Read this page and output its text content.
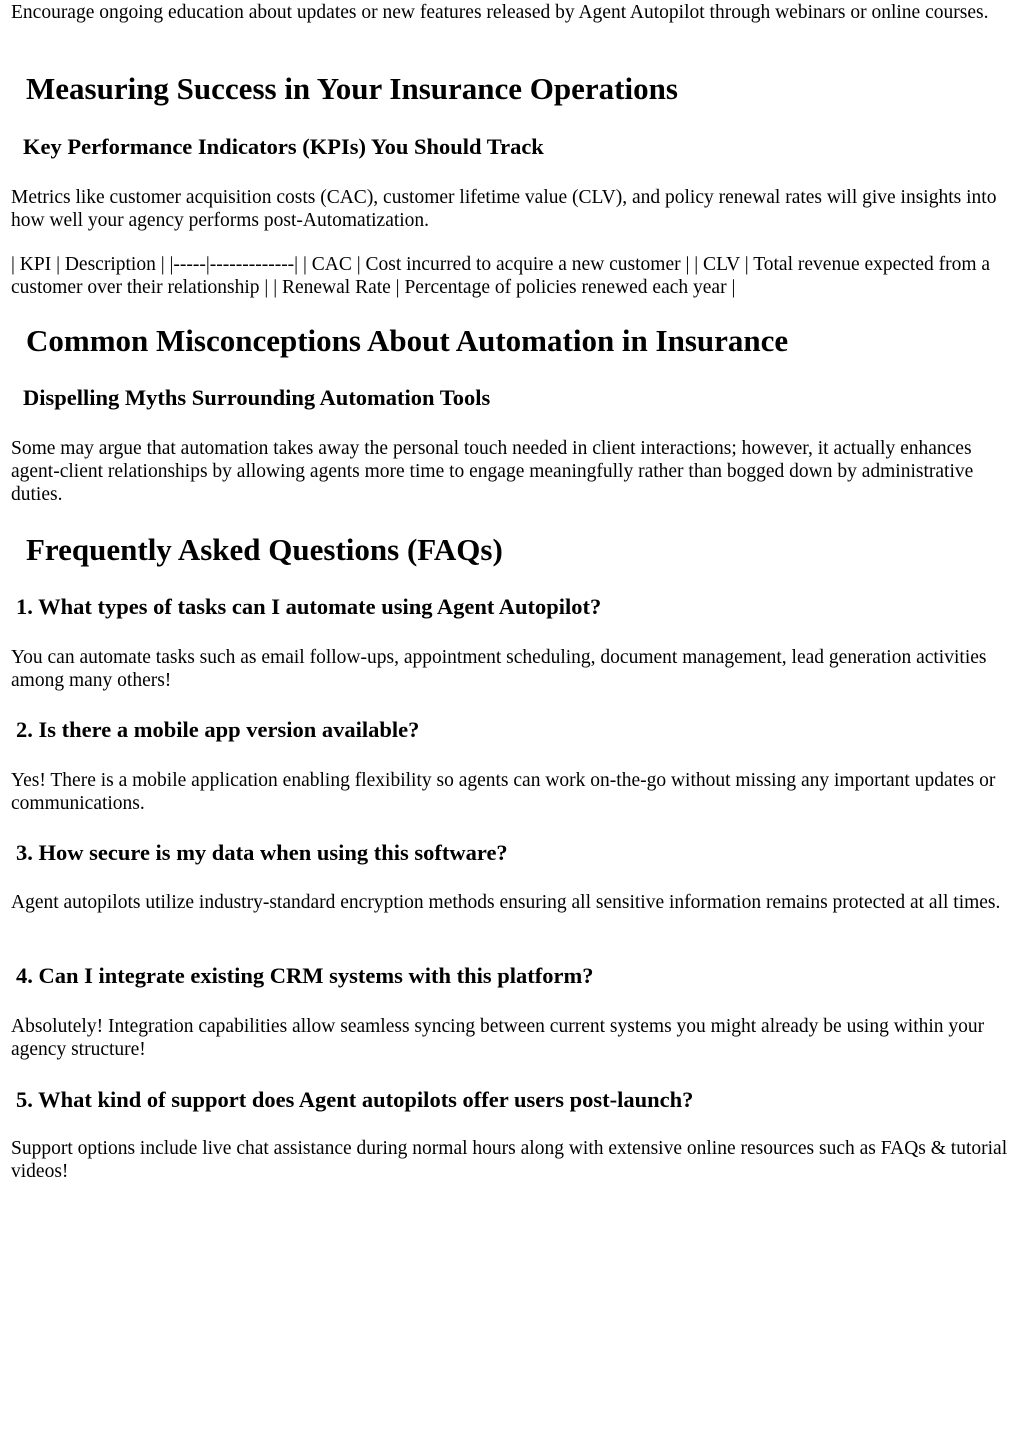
Encourage ongoing education about updates or new features released by Agent Autopilot through webinars or online courses.

Measuring Success in Your Insurance Operations
Key Performance Indicators (KPIs) You Should Track

Metrics like customer acquisition costs (CAC), customer lifetime value (CLV), and policy renewal rates will give insights into how well your agency performs post-Automatization.

| KPI | Description | |-----|-------------| | CAC | Cost incurred to acquire a new customer | | CLV | Total revenue expected from a customer over their relationship | | Renewal Rate | Percentage of policies renewed each year |

Common Misconceptions About Automation in Insurance
Dispelling Myths Surrounding Automation Tools

Some may argue that automation takes away the personal touch needed in client interactions; however, it actually enhances agent-client relationships by allowing agents more time to engage meaningfully rather than bogged down by administrative duties.

Frequently Asked Questions (FAQs)
1. What types of tasks can I automate using Agent Autopilot?

You can automate tasks such as email follow-ups, appointment scheduling, document management, lead generation activities among many others!

2. Is there a mobile app version available?

Yes! There is a mobile application enabling flexibility so agents can work on-the-go without missing any important updates or communications.

3. How secure is my data when using this software?

Agent autopilots utilize industry-standard encryption methods ensuring all sensitive information remains protected at all times.

4. Can I integrate existing CRM systems with this platform?

Absolutely! Integration capabilities allow seamless syncing between current systems you might already be using within your agency structure!

5. What kind of support does Agent autopilots offer users post-launch?

Support options include live chat assistance during normal hours along with extensive online resources such as FAQs & tutorial videos!
